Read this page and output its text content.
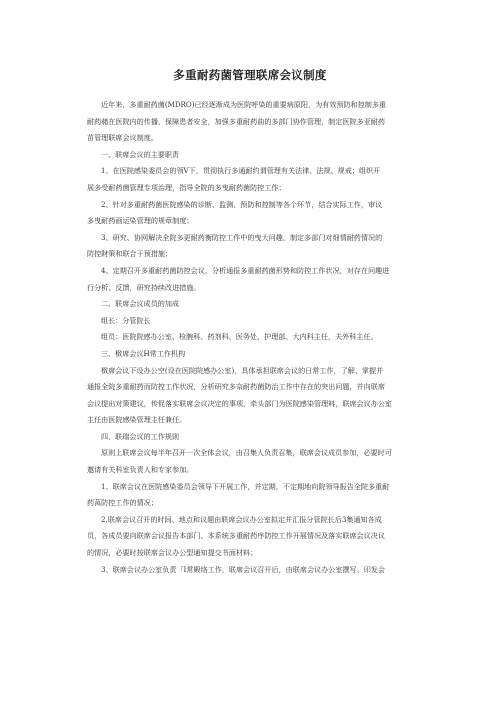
多重耐药菌管理联席会议制度
近年来，多重耐药菌(MDRO)已经逐渐成为医院呼染的重要病原阳，为有效预防和控制多重
耐药赭在医院内的传播，保障患者安全，加强多重耐药曲的多部门协作管理，制定医院多亚耐药
苗管理联席会议制度。
一、联席会议的主要职责
1、在医院感染委员会的领V下，贯彻执行多通耐约谓管理有关法律、法规、规戒；组织开
展多受耐药菌管理专项治理，指导全院的多曳耐药菌防控工作；
2、针对多重耐药菌医院感染的诊断、监测、预防和控制等各个环节，结合实际工作，审议
多曳耐药画运染管理的规章制度；
3、研究、协网解决全院多更耐药衡防控工作中的曳大问趣，制定多部门对细情耐药情况的
防控財策和联合干预措施；
4、定期召开多重耐药菌防控会议，分析通报多重耐药菌形势和防控工作状况，对存在问趣进
行分析、反馈，研究持续改进措施。
二、联席会议成员的加成
组长：分管院长
组员：医院院感办公室、检腕科、药剂科、医务处、护理部、大内科主任，夫外科主任。
三、㮹席会议H常工作机构
㮹席会议下设办公空(设在医院院感办公室)，具体承担联席会议的日常工作，了解、掌握并
通报全院多重耐药而防控工作状况，分析研究多奈耐药菌防治工作中存在的突出问题，并向联席
会议提出对策建议，传促落实联席会议决定的事项，牵头部门为医院感染管理料，联席会议办公室
主任由医院感染管理主任兼任。
四、联瑞会议的工作规則
原则上联席会议每半年召开一次全体会议，由召集人负责召集，联席会议成员参加，必要时可
邀请有关科室负责人和专家参加。
1、联席会议在医院感染委员会领导下开展工作，并定期，不定期地向院领导报告全院多重耐
药莴防控工作的情况；
2,联席会议召开的时间、地点和议题由联席会议办公室拟定并汇报分管院长后3集通知各成
员，各成员要向联席会议报告本部门、本系统多重耐药序防控工作开展情况及落实联席会议决议
的情况，必要时按联席会议办公型通知提交书面材料；
3、联席会议办公室负责「I常殿络工作，联席会议召开后，由联席会议办公室撰写、印发会
